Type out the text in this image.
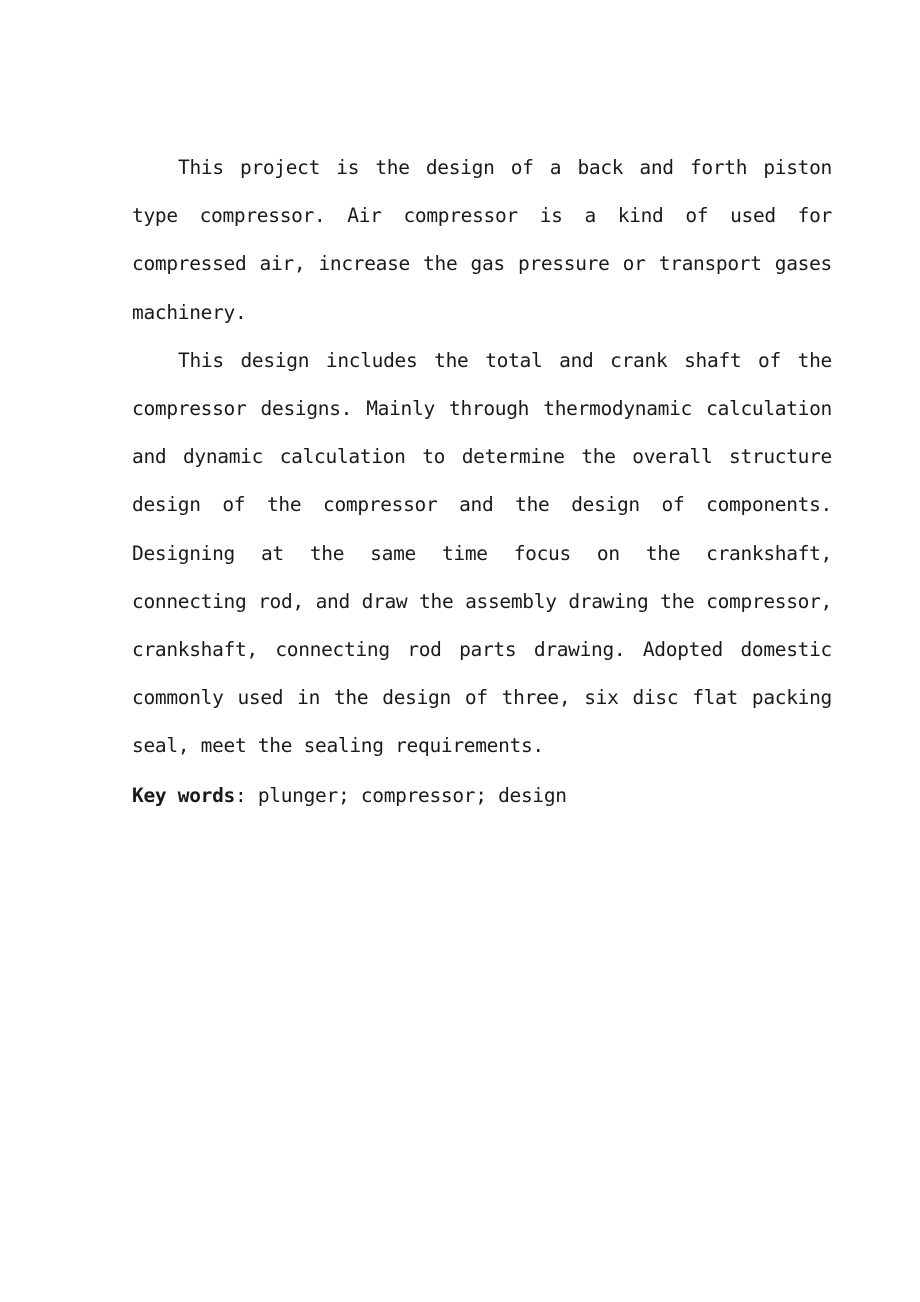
This project is the design of a back and forth piston type compressor. Air compressor is a kind of used for compressed air, increase the gas pressure or transport gases machinery.

This design includes the total and crank shaft of the compressor designs. Mainly through thermodynamic calculation and dynamic calculation to determine the overall structure design of the compressor and the design of components. Designing at the same time focus on the crankshaft, connecting rod, and draw the assembly drawing the compressor, crankshaft, connecting rod parts drawing. Adopted domestic commonly used in the design of three, six disc flat packing seal, meet the sealing requirements.

Key words: plunger; compressor; design
